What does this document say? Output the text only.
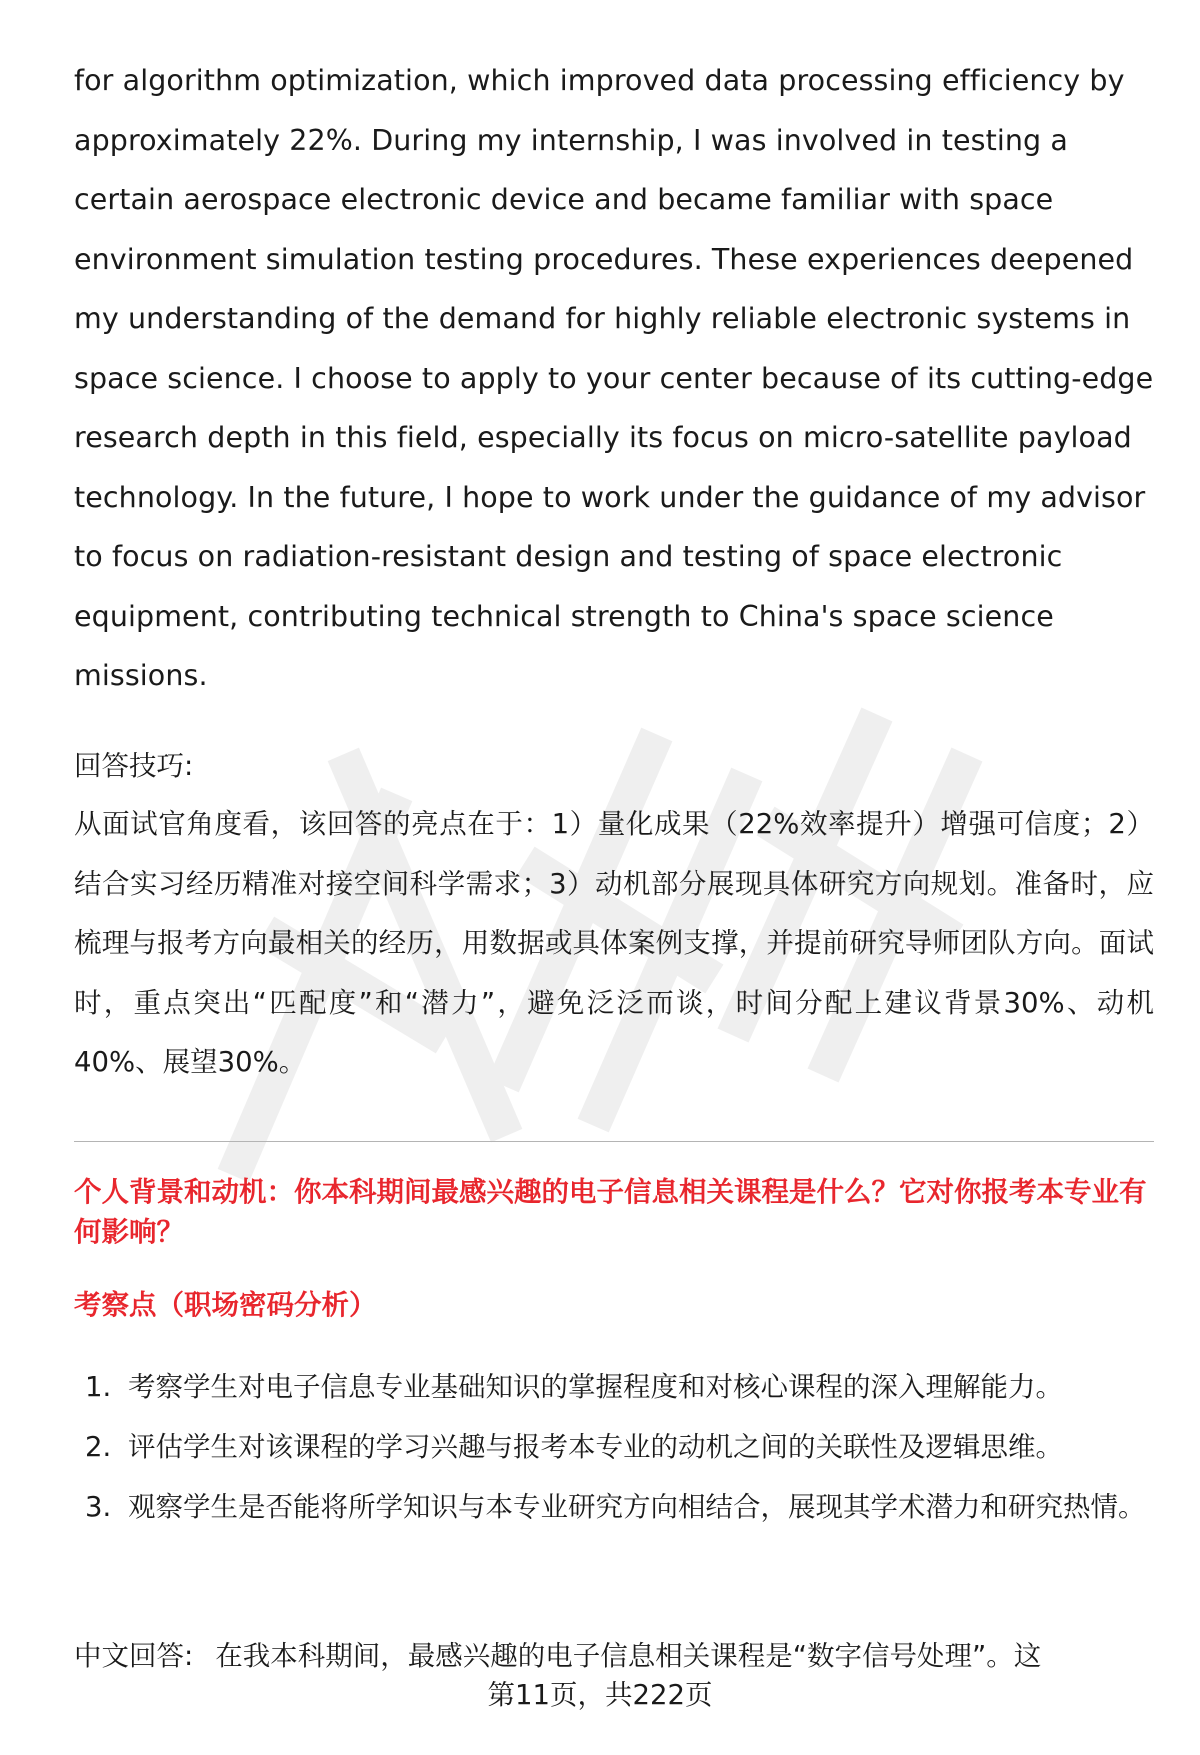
for algorithm optimization, which improved data processing efficiency by approximately 22%. During my internship, I was involved in testing a certain aerospace electronic device and became familiar with space environment simulation testing procedures. These experiences deepened my understanding of the demand for highly reliable electronic systems in space science. I choose to apply to your center because of its cutting-edge research depth in this field, especially its focus on micro-satellite payload technology. In the future, I hope to work under the guidance of my advisor to focus on radiation-resistant design and testing of space electronic equipment, contributing technical strength to China's space science missions.

回答技巧:

从面试官角度看，该回答的亮点在于：1）量化成果（22%效率提升）增强可信度；2）结合实习经历精准对接空间科学需求；3）动机部分展现具体研究方向规划。准备时，应梳理与报考方向最相关的经历，用数据或具体案例支撑，并提前研究导师团队方向。面试时，重点突出“匹配度”和“潜力”，避免泛泛而谈，时间分配上建议背景30%、动机40%、展望30%。

个人背景和动机：你本科期间最感兴趣的电子信息相关课程是什么？它对你报考本专业有何影响？

考察点（职场密码分析）

1. 考察学生对电子信息专业基础知识的掌握程度和对核心课程的深入理解能力。
2. 评估学生对该课程的学习兴趣与报考本专业的动机之间的关联性及逻辑思维。
3. 观察学生是否能将所学知识与本专业研究方向相结合，展现其学术潜力和研究热情。

中文回答: 在我本科期间，最感兴趣的电子信息相关课程是“数字信号处理”。这

第11页，共222页
